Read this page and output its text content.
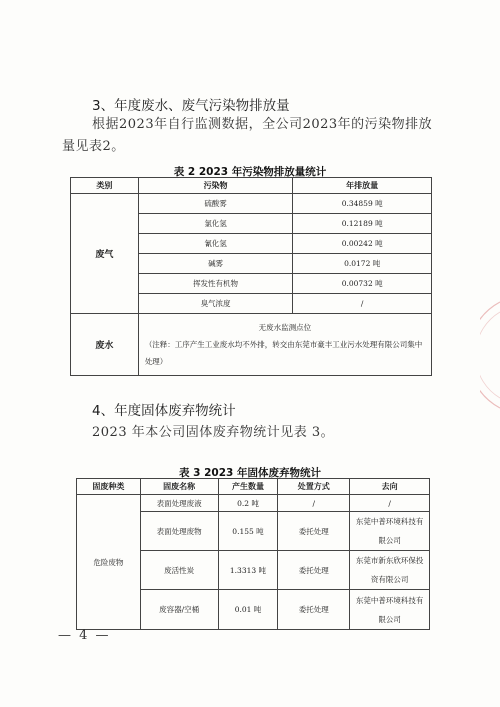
3、年度废水、废气污染物排放量
根据2023年自行监测数据，全公司2023年的污染物排放量见表2。
表 2 2023 年污染物排放量统计
类别	污染物	年排放量
废气	硫酸雾	0.34859 吨
	氯化氢	0.12189 吨
	氰化氢	0.00242 吨
	碱雾	0.0172 吨
	挥发性有机物	0.00732 吨
	臭气浓度	/
废水	无废水监测点位
（注释：工序产生工业废水均不外排，转交由东莞市豪丰工业污水处理有限公司集中处理）	
4、年度固体废弃物统计
2023 年本公司固体废弃物统计见表 3。
表 3 2023 年固体废弃物统计
固废种类	固废名称	产生数量	处置方式	去向
危险废物	表面处理废液	0.2 吨	/	/
	表面处理废物	0.155 吨	委托处理	东莞中普环境科技有限公司
	废活性炭	1.3313 吨	委托处理	东莞市新东欣环保投资有限公司
	废容器/空桶	0.01 吨	委托处理	东莞中普环境科技有限公司
— 4 —
